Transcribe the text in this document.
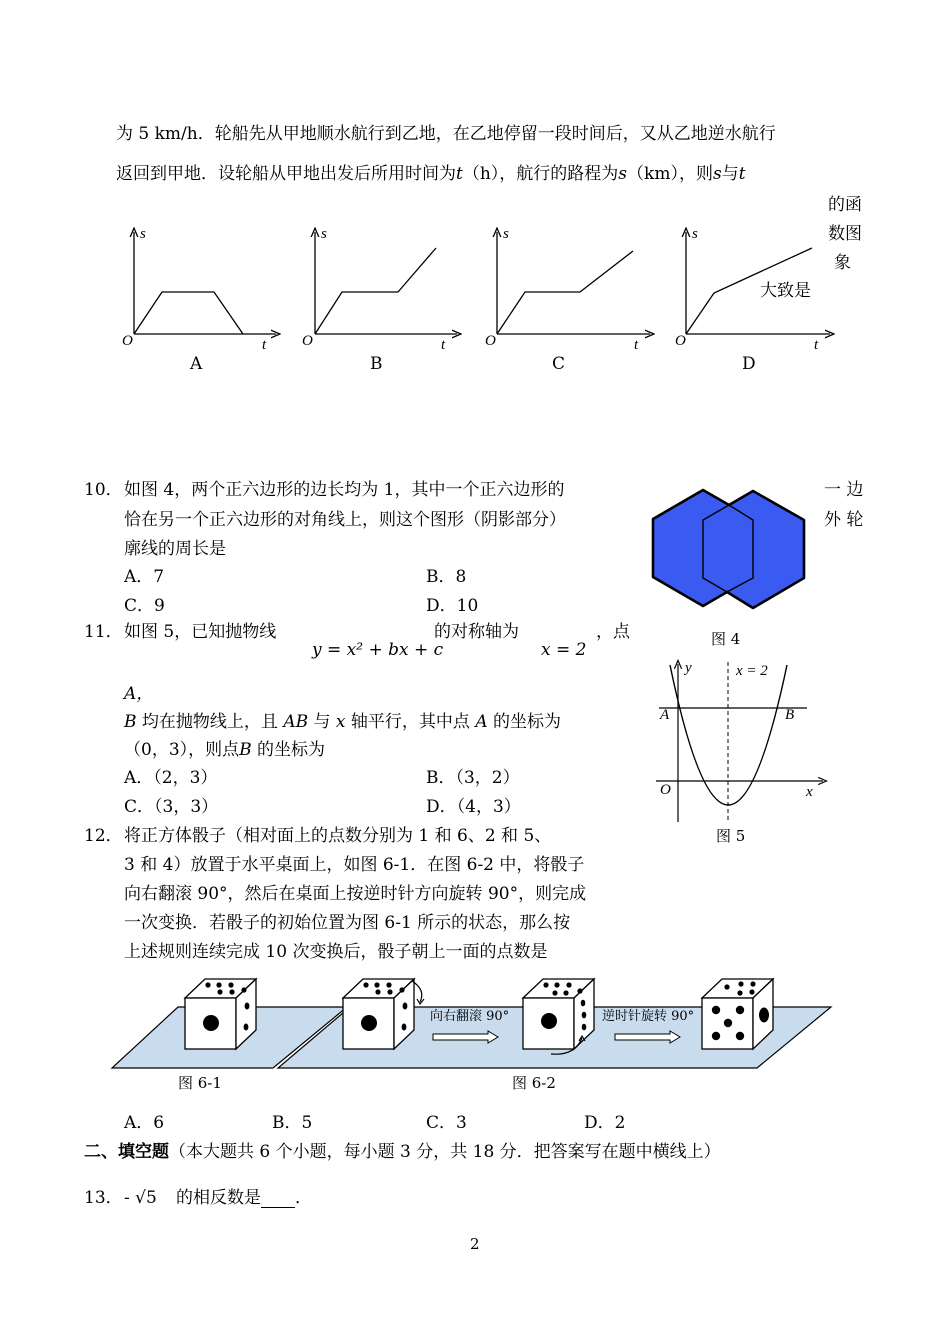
为 5 km/h．轮船先从甲地顺水航行到乙地，在乙地停留一段时间后，又从乙地逆水航行
返回到甲地．设轮船从甲地出发后所用时间为t（h），航行的路程为s（km），则s与t
的函
数图
象
大致是
s
t
O
A
s
t
O
B
s
t
O
C
s
t
O
D
10． 如图 4，两个正六边形的边长均为 1，其中一个正六边形的	一 边
恰在另一个正六边形的对角线上，则这个图形（阴影部分）	外 轮
廓线的周长是
A．7	B．8
C．9	D．10
图 4
11． 如图 5，已知抛物线
y = x² + bx + c
的对称轴为
x = 2
，点
A，
B 均在抛物线上，且 AB 与 x 轴平行，其中点 A 的坐标为
（0，3），则点B 的坐标为
A．（2，3）	B．（3，2）
C．（3，3）	D．（4，3）
y	x = 2
A	B
O	x
图 5
12． 将正方体骰子（相对面上的点数分别为 1 和 6、2 和 5、
3 和 4）放置于水平桌面上，如图 6-1．在图 6-2 中，将骰子
向右翻滚 90°，然后在桌面上按逆时针方向旋转 90°，则完成
一次变换．若骰子的初始位置为图 6-1 所示的状态，那么按
上述规则连续完成 10 次变换后，骰子朝上一面的点数是
向右翻滚 90°	逆时针旋转 90°
图 6-1	图 6-2
A．6	B．5	C．3	D．2
二、填空题（本大题共 6 个小题，每小题 3 分，共 18 分．把答案写在题中横线上）
13． - √5 的相反数是 ．
2
